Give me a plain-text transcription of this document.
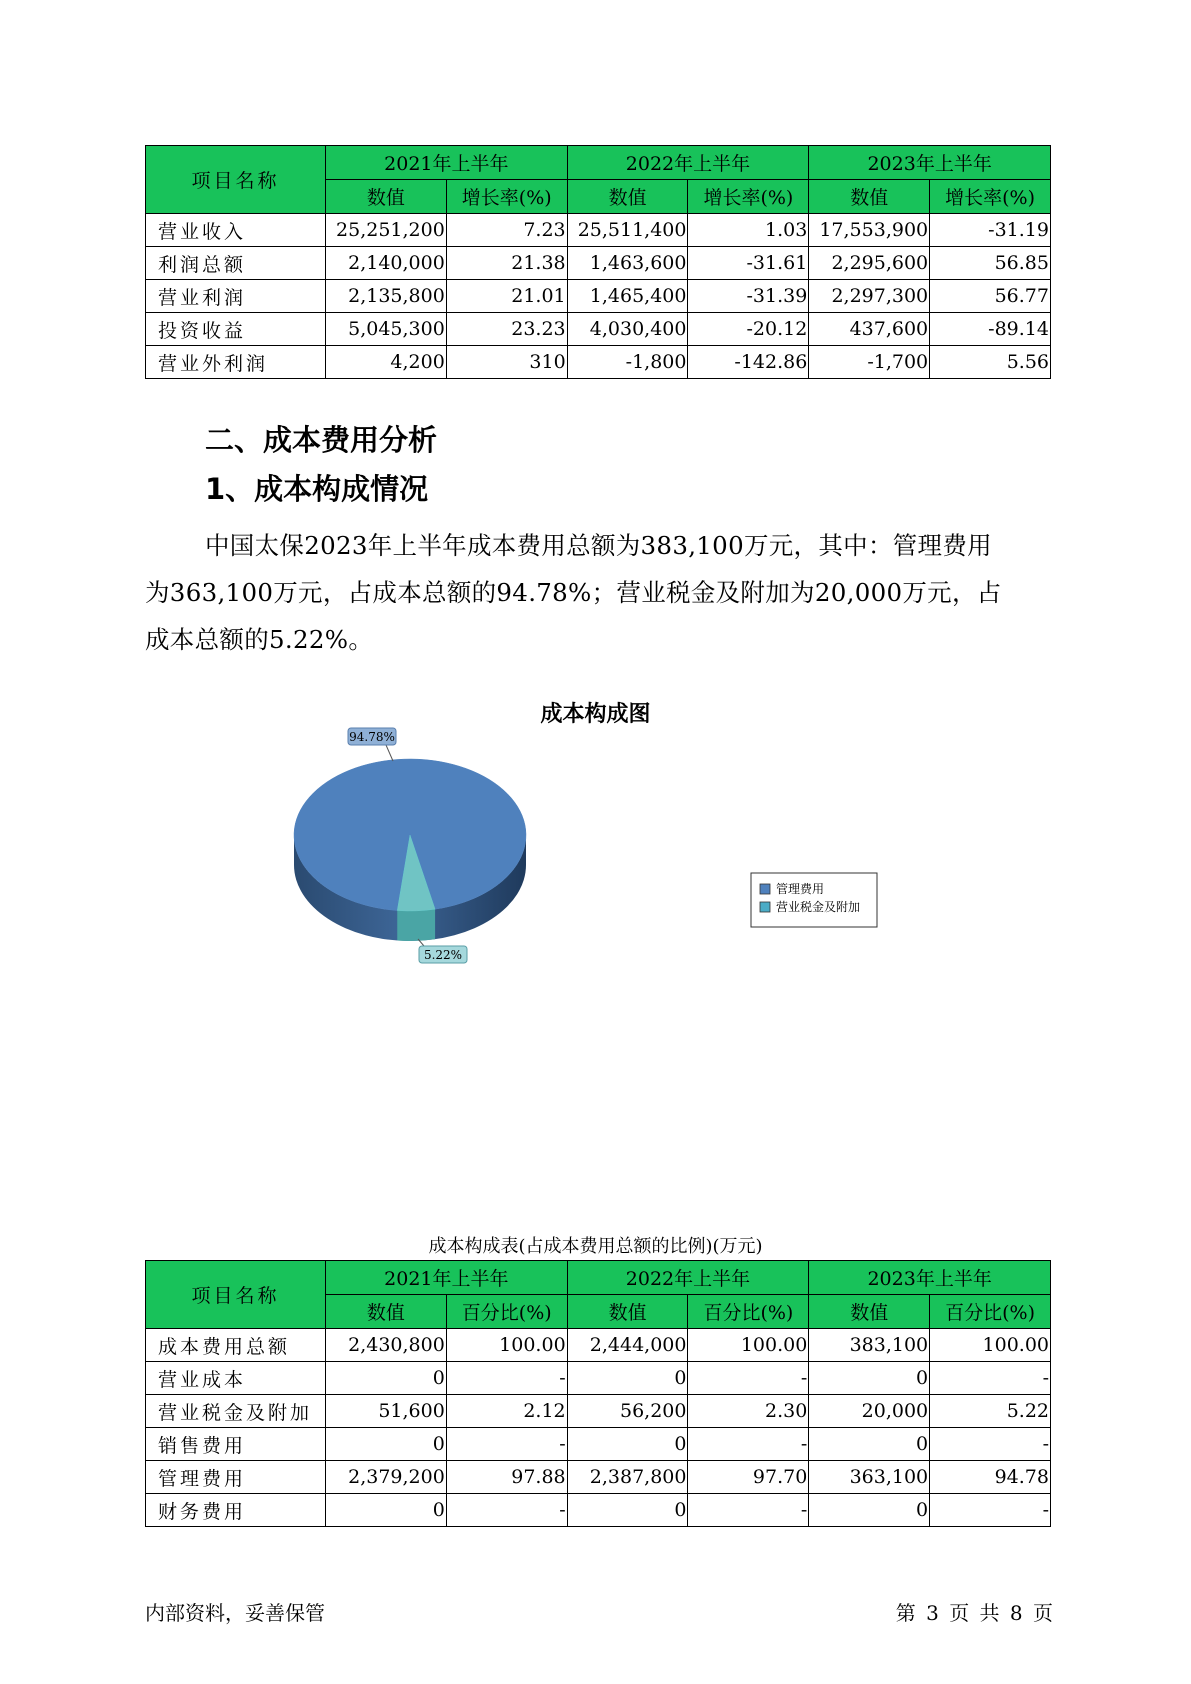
项目名称	2021年上半年		2022年上半年		2023年上半年	
	数值	增长率(%)	数值	增长率(%)	数值	增长率(%)
营业收入	25,251,200	7.23	25,511,400	1.03	17,553,900	-31.19
利润总额	2,140,000	21.38	1,463,600	-31.61	2,295,600	56.85
营业利润	2,135,800	21.01	1,465,400	-31.39	2,297,300	56.77
投资收益	5,045,300	23.23	4,030,400	-20.12	437,600	-89.14
营业外利润	4,200	310	-1,800	-142.86	-1,700	5.56
二、成本费用分析
1、成本构成情况

中国太保2023年上半年成本费用总额为383,100万元，其中：管理费用
为363,100万元，占成本总额的94.78%；营业税金及附加为20,000万元，占
成本总额的5.22%。

成本构成图
94.78%
5.22%
管理费用
营业税金及附加
成本构成表(占成本费用总额的比例)(万元)
项目名称	2021年上半年		2022年上半年		2023年上半年	
	数值	百分比(%)	数值	百分比(%)	数值	百分比(%)
成本费用总额	2,430,800	100.00	2,444,000	100.00	383,100	100.00
营业成本	0	-	0	-	0	-
营业税金及附加	51,600	2.12	56,200	2.30	20,000	5.22
销售费用	0	-	0	-	0	-
管理费用	2,379,200	97.88	2,387,800	97.70	363,100	94.78
财务费用	0	-	0	-	0	-
内部资料，妥善保管	第 3 页 共 8 页
